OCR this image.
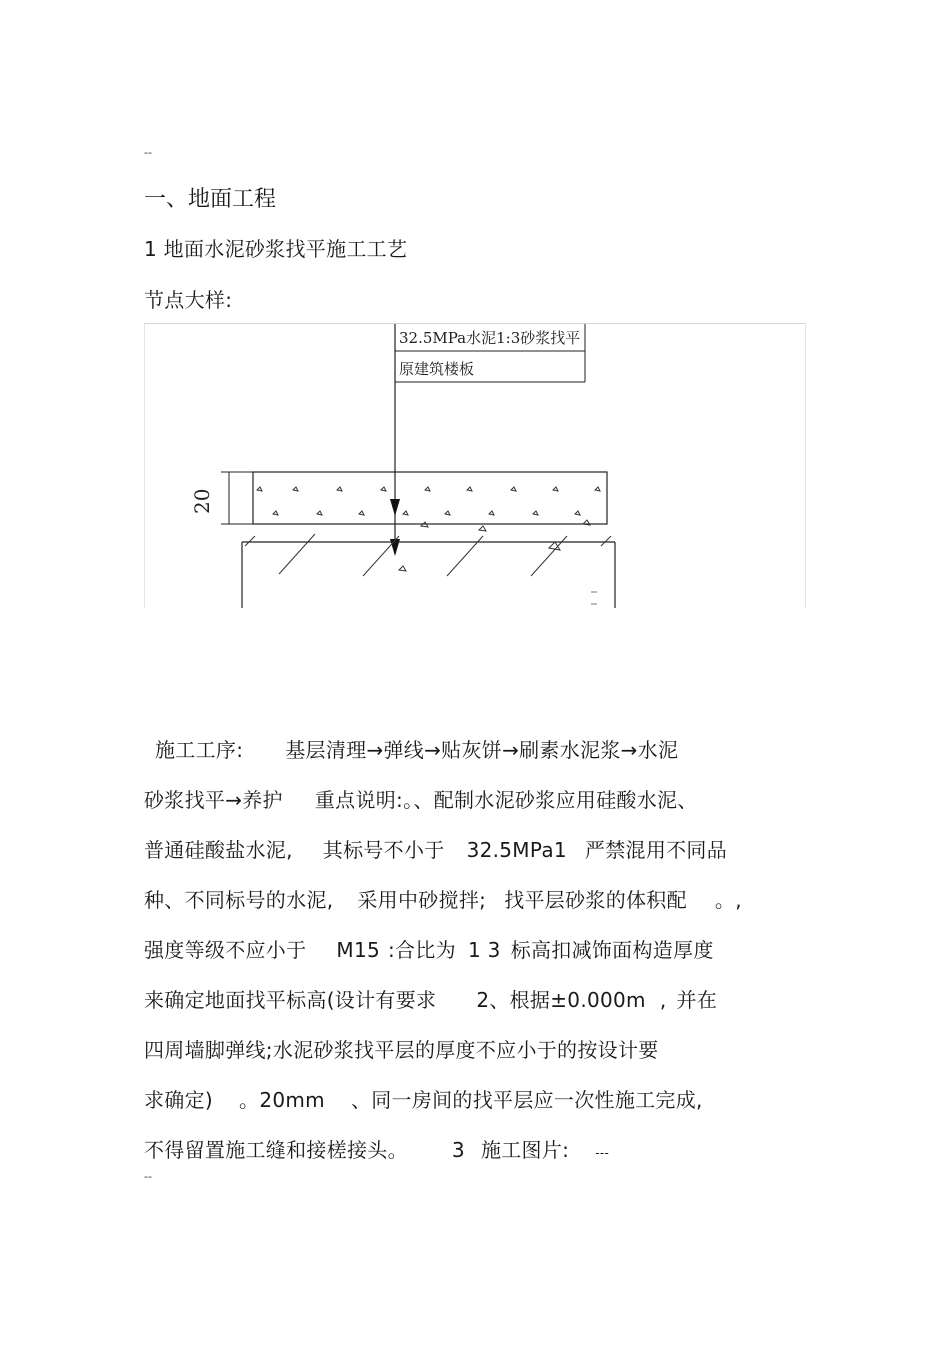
--
一、地面工程
1 地面水泥砂浆找平施工工艺
节点大样:
32.5MPa水泥1:3砂浆找平
原建筑楼板
20
施工工序: 基层清理→弹线→贴灰饼→刷素水泥浆→水泥
砂浆找平→养护 重点说明:。、配制水泥砂浆应用硅酸水泥、
普通硅酸盐水泥, 其标号不小于 32.5MPa1 严禁混用不同品
种、不同标号的水泥, 采用中砂搅拌; 找平层砂浆的体积配 。,
强度等级不应小于 M15 :合比为 1 3 标高扣减饰面构造厚度
来确定地面找平标高(设计有要求 2、根据±0.000m , 并在
四周墙脚弹线;水泥砂浆找平层的厚度不应小于的按设计要
求确定) 。20mm 、同一房间的找平层应一次性施工完成,
不得留置施工缝和接槎接头。 3 施工图片: ---
--
